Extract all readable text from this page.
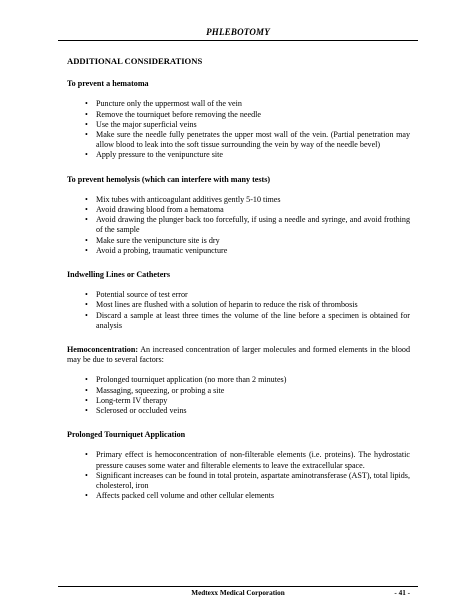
PHLEBOTOMY
ADDITIONAL CONSIDERATIONS
To prevent a hematoma
• Puncture only the uppermost wall of the vein
• Remove the tourniquet before removing the needle
• Use the major superficial veins
• Make sure the needle fully penetrates the upper most wall of the vein. (Partial penetration may allow blood to leak into the soft tissue surrounding the vein by way of the needle bevel)
• Apply pressure to the venipuncture site
To prevent hemolysis (which can interfere with many tests)
• Mix tubes with anticoagulant additives gently 5-10 times
• Avoid drawing blood from a hematoma
• Avoid drawing the plunger back too forcefully, if using a needle and syringe, and avoid frothing of the sample
• Make sure the venipuncture site is dry
• Avoid a probing, traumatic venipuncture
Indwelling Lines or Catheters
• Potential source of test error
• Most lines are flushed with a solution of heparin to reduce the risk of thrombosis
• Discard a sample at least three times the volume of the line before a specimen is obtained for analysis

Hemoconcentration: An increased concentration of larger molecules and formed elements in the blood may be due to several factors:

• Prolonged tourniquet application (no more than 2 minutes)
• Massaging, squeezing, or probing a site
• Long-term IV therapy
• Sclerosed or occluded veins
Prolonged Tourniquet Application
• Primary effect is hemoconcentration of non-filterable elements (i.e. proteins). The hydrostatic pressure causes some water and filterable elements to leave the extracellular space.
• Significant increases can be found in total protein, aspartate aminotransferase (AST), total lipids, cholesterol, iron
• Affects packed cell volume and other cellular elements
Medtexx Medical Corporation	- 41 -
